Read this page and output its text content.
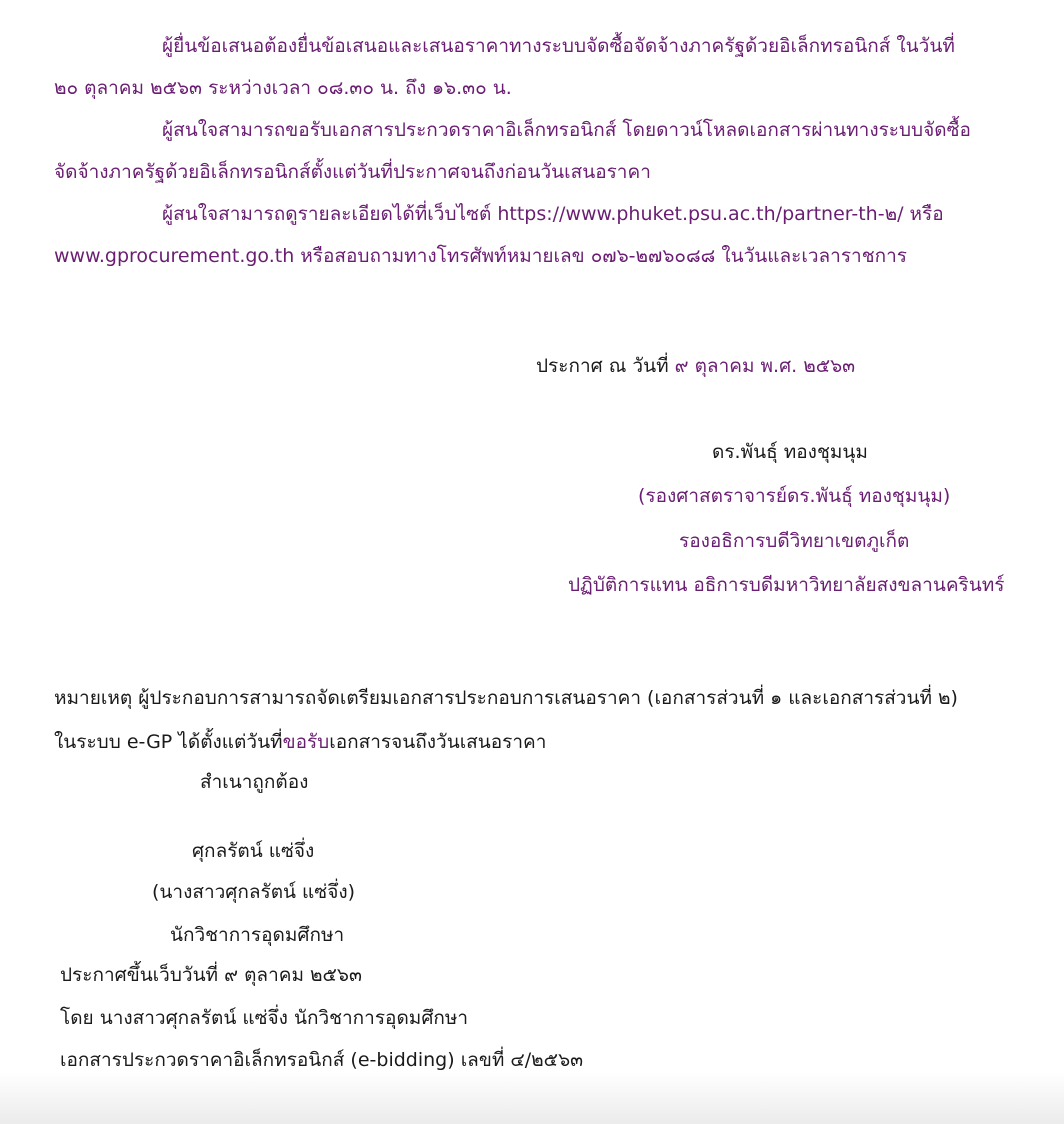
ผู้ยื่นข้อเสนอต้องยื่นข้อเสนอและเสนอราคาทางระบบจัดซื้อจัดจ้างภาครัฐด้วยอิเล็กทรอนิกส์ ในวันที่
๒๐ ตุลาคม ๒๕๖๓ ระหว่างเวลา ๐๘.๓๐ น. ถึง ๑๖.๓๐ น.
ผู้สนใจสามารถขอรับเอกสารประกวดราคาอิเล็กทรอนิกส์ โดยดาวน์โหลดเอกสารผ่านทางระบบจัดซื้อ
จัดจ้างภาครัฐด้วยอิเล็กทรอนิกส์ตั้งแต่วันที่ประกาศจนถึงก่อนวันเสนอราคา
ผู้สนใจสามารถดูรายละเอียดได้ที่เว็บไซต์ https://www.phuket.psu.ac.th/partner-th-๒/ หรือ
www.gprocurement.go.th หรือสอบถามทางโทรศัพท์หมายเลข ๐๗๖-๒๗๖๐๘๘ ในวันและเวลาราชการ
ประกาศ ณ วันที่ ๙ ตุลาคม พ.ศ. ๒๕๖๓
ดร.พันธุ์ ทองชุมนุม
(รองศาสตราจารย์ดร.พันธุ์ ทองชุมนุม)
รองอธิการบดีวิทยาเขตภูเก็ต
ปฏิบัติการแทน อธิการบดีมหาวิทยาลัยสงขลานครินทร์
หมายเหตุ ผู้ประกอบการสามารถจัดเตรียมเอกสารประกอบการเสนอราคา (เอกสารส่วนที่ ๑ และเอกสารส่วนที่ ๒)
ในระบบ e-GP ได้ตั้งแต่วันที่ขอรับเอกสารจนถึงวันเสนอราคา
สำเนาถูกต้อง
ศุกลรัตน์ แซ่จึ่ง
(นางสาวศุกลรัตน์ แซ่จึ่ง)
นักวิชาการอุดมศึกษา
ประกาศขึ้นเว็บวันที่ ๙ ตุลาคม ๒๕๖๓
โดย นางสาวศุกลรัตน์ แซ่จึ่ง นักวิชาการอุดมศึกษา
เอกสารประกวดราคาอิเล็กทรอนิกส์ (e-bidding) เลขที่ ๔/๒๕๖๓
